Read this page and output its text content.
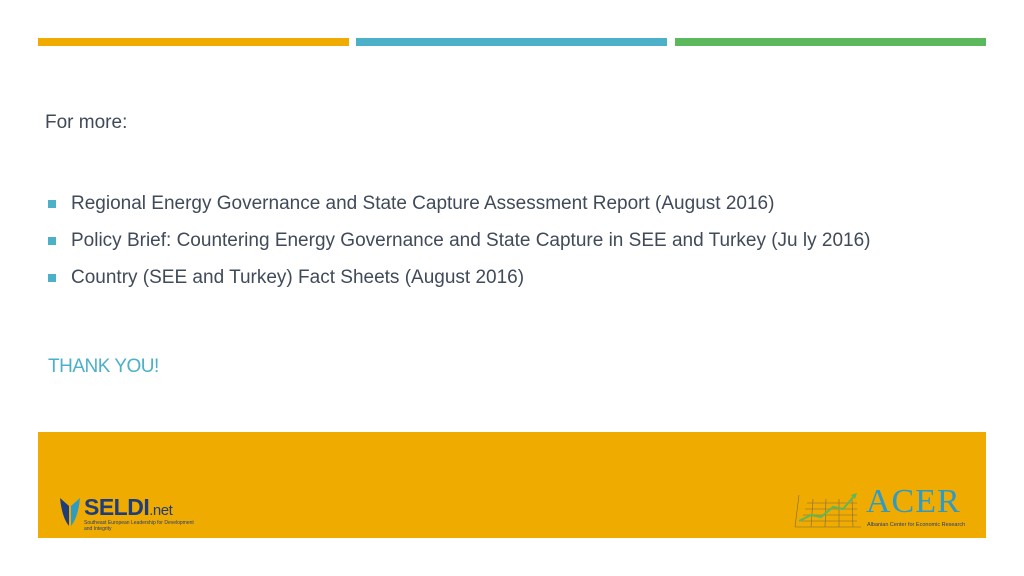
For more:
Regional Energy Governance and State Capture Assessment Report (August 2016)
Policy Brief: Countering Energy Governance and State Capture in SEE and Turkey (Ju ly 2016)
Country (SEE and Turkey) Fact Sheets (August 2016)
THANK YOU!
SELDI.net
Southeast European Leadership for Development and Integrity
ACER
Albanian Center for Economic Research
